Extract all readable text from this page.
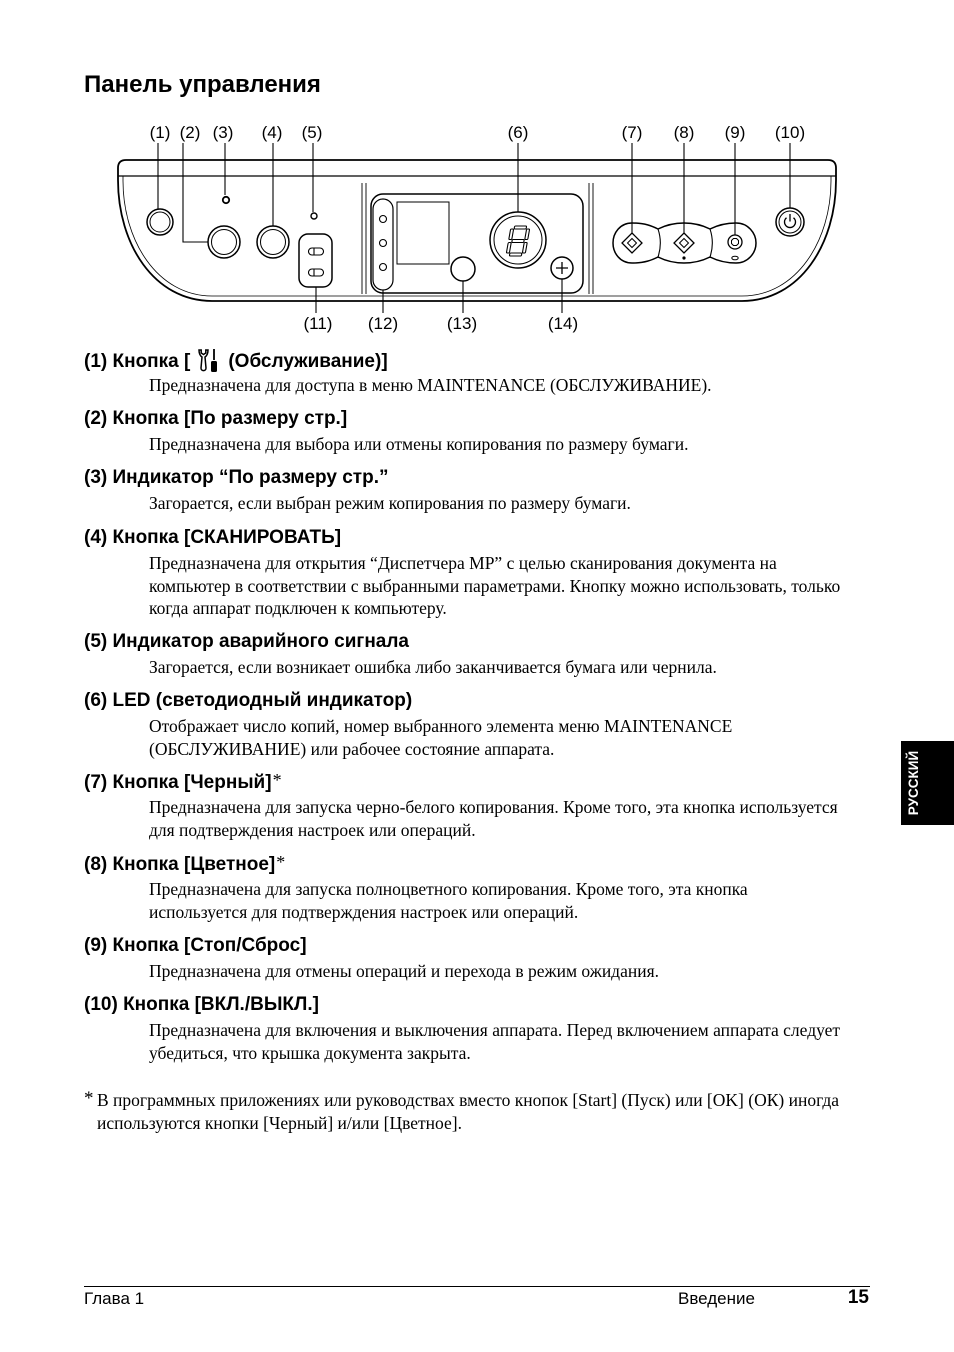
Панель управления
(1) (2) (3) (4) (5)	(6)	(7) (8) (9) (10)
(11) (12)	(13)	(14)
(1) Кнопка [ (Обслуживание)]
Предназначена для доступа в меню MAINTENANCE (ОБСЛУЖИВАНИЕ).
(2) Кнопка [По размеру стр.]
Предназначена для выбора или отмены копирования по размеру бумаги.
(3) Индикатор “По размеру стр.”
Загорается, если выбран режим копирования по размеру бумаги.
(4) Кнопка [СКАНИРОВАТЬ]
Предназначена для открытия “Диспетчера MP” с целью сканирования документа на
компьютер в соответствии с выбранными параметрами. Кнопку можно использовать, только
когда аппарат подключен к компьютеру.
(5) Индикатор аварийного сигнала
Загорается, если возникает ошибка либо заканчивается бумага или чернила.
(6) LED (светодиодный индикатор)
Отображает число копий, номер выбранного элемента меню MAINTENANCE
(ОБСЛУЖИВАНИЕ) или рабочее состояние аппарата.
(7) Кнопка [Черный]*
Предназначена для запуска черно-белого копирования. Кроме того, эта кнопка используется
для подтверждения настроек или операций.
(8) Кнопка [Цветное]*
Предназначена для запуска полноцветного копирования. Кроме того, эта кнопка
используется для подтверждения настроек или операций.
(9) Кнопка [Стоп/Сброс]
Предназначена для отмены операций и перехода в режим ожидания.
(10) Кнопка [ВКЛ./ВЫКЛ.]
Предназначена для включения и выключения аппарата. Перед включением аппарата следует
убедиться, что крышка документа закрыта.
* В программных приложениях или руководствах вместо кнопок [Start] (Пуск) или [OK] (ОК) иногда
используются кнопки [Черный] и/или [Цветное].
РУССКИЙ
Глава 1	Введение	15
